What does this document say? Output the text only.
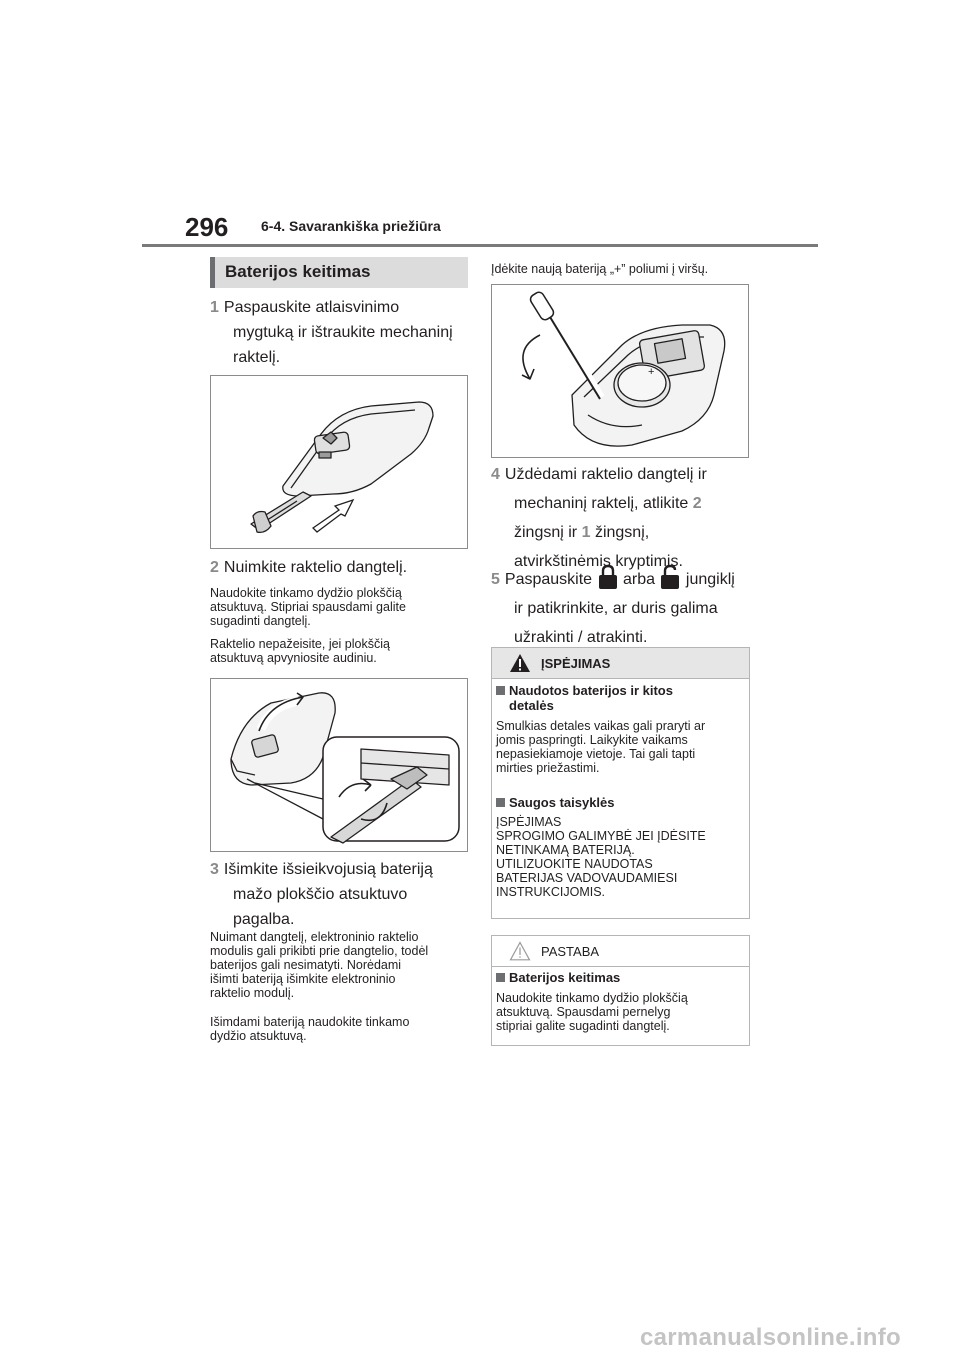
296 6-4. Savarankiška priežiūra
Baterijos keitimas
1 Paspauskite atlaisvinimo
mygtuką ir ištraukite mechaninį
raktelį.
2 Nuimkite raktelio dangtelį.
Naudokite tinkamo dydžio plokščią
atsuktuvą. Stipriai spausdami galite
sugadinti dangtelį.
Raktelio nepažeisite, jei plokščią
atsuktuvą apvyniosite audiniu.
3 Išimkite išsieikvojusią bateriją
mažo plokščio atsuktuvo
pagalba.
Nuimant dangtelį, elektroninio raktelio
modulis gali prikibti prie dangtelio, todėl
baterijos gali nesimatyti. Norėdami
išimti bateriją išimkite elektroninio
raktelio modulį.
Išimdami bateriją naudokite tinkamo
dydžio atsuktuvą.
Įdėkite naują bateriją „+” poliumi į viršų.
+
4 Uždėdami raktelio dangtelį ir
mechaninį raktelį, atlikite 2
žingsnį ir 1 žingsnį,
atvirkštinėmis kryptimis.
5 Paspauskite arba jungiklį
ir patikrinkite, ar duris galima
užrakinti / atrakinti.
ĮSPĖJIMAS
Naudotos baterijos ir kitos
detalės
Smulkias detales vaikas gali praryti ar
jomis paspringti. Laikykite vaikams
nepasiekiamoje vietoje. Tai gali tapti
mirties priežastimi.
Saugos taisyklės
ĮSPĖJIMAS
SPROGIMO GALIMYBĖ JEI ĮDĖSITE
NETINKAMĄ BATERIJĄ.
UTILIZUOKITE NAUDOTAS
BATERIJAS VADOVAUDAMIESI
INSTRUKCIJOMIS.
PASTABA
Baterijos keitimas
Naudokite tinkamo dydžio plokščią
atsuktuvą. Spausdami pernelyg
stipriai galite sugadinti dangtelį.
carmanualsonline.info
